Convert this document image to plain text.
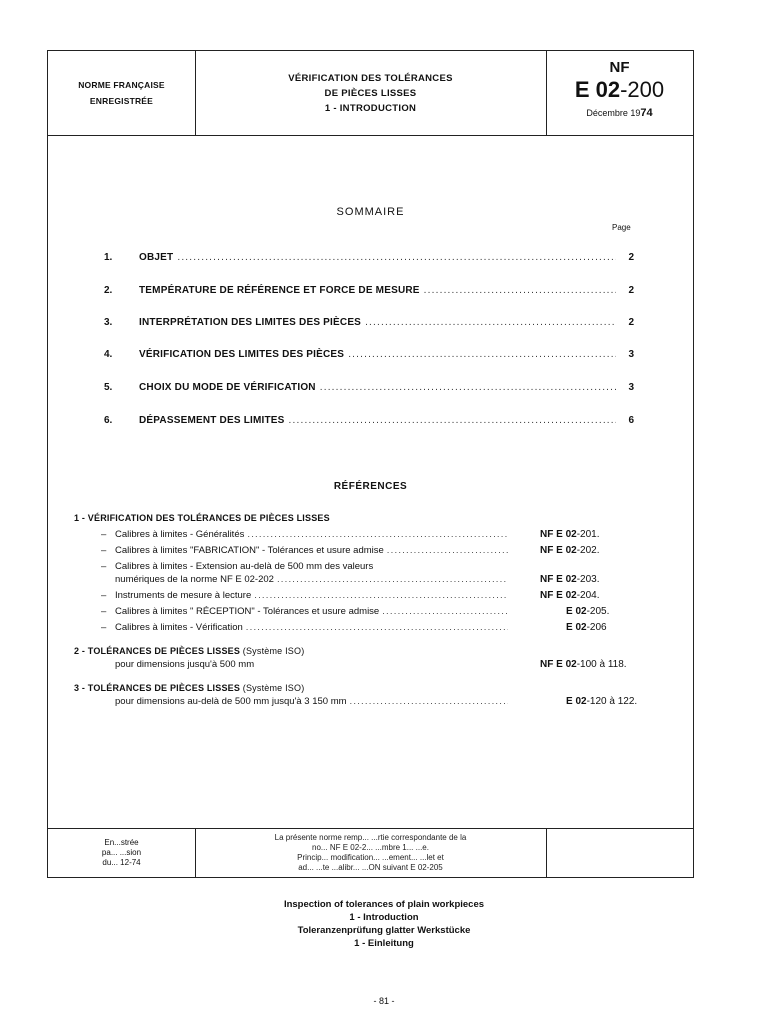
NORME FRANÇAISE
ENREGISTRÉE
VÉRIFICATION DES TOLÉRANCES
DE PIÈCES LISSES
1 - INTRODUCTION
NF
E 02-200
Décembre 1974
SOMMAIRE
Page
1.	OBJET .....	2
2.	TEMPÉRATURE DE RÉFÉRENCE ET FORCE DE MESURE .....	2
3.	INTERPRÉTATION DES LIMITES DES PIÈCES .....	2
4.	VÉRIFICATION DES LIMITES DES PIÈCES .....	3
5.	CHOIX DU MODE DE VÉRIFICATION .....	3
6.	DÉPASSEMENT DES LIMITES .....	6
RÉFÉRENCES
1 - VÉRIFICATION DES TOLÉRANCES DE PIÈCES LISSES
– Calibres à limites - Généralités .....	NF E 02-201.
– Calibres à limites "FABRICATION" - Tolérances et usure admise .....	NF E 02-202.
– Calibres à limites - Extension au-delà de 500 mm des valeurs
numériques de la norme NF E 02-202 .....	NF E 02-203.
– Instruments de mesure à lecture .....	NF E 02-204.
– Calibres à limites " RÉCEPTION" - Tolérances et usure admise .....	E 02-205.
– Calibres à limites - Vérification .....	E 02-206
2 - TOLÉRANCES DE PIÈCES LISSES (Système ISO)
pour dimensions jusqu'à 500 mm	NF E 02-100 à 118.
3 - TOLÉRANCES DE PIÈCES LISSES (Système ISO)
pour dimensions au-delà de 500 mm jusqu'à 3 150 mm .....	E 02-120 à 122.
En...strée
pa... ...sion
du... 12-74
La présente norme remp... ...rtie correspondante de la
no... NF E 02-2... ...mbre 1... ...e.
Princip... modification... ...ement... ...let et
ad... ...te ...alibr... ...ON suivant E 02-205
Inspection of tolerances of plain workpieces
1 - Introduction
Toleranzenprüfung glatter Werkstücke
1 - Einleitung
- 81 -
